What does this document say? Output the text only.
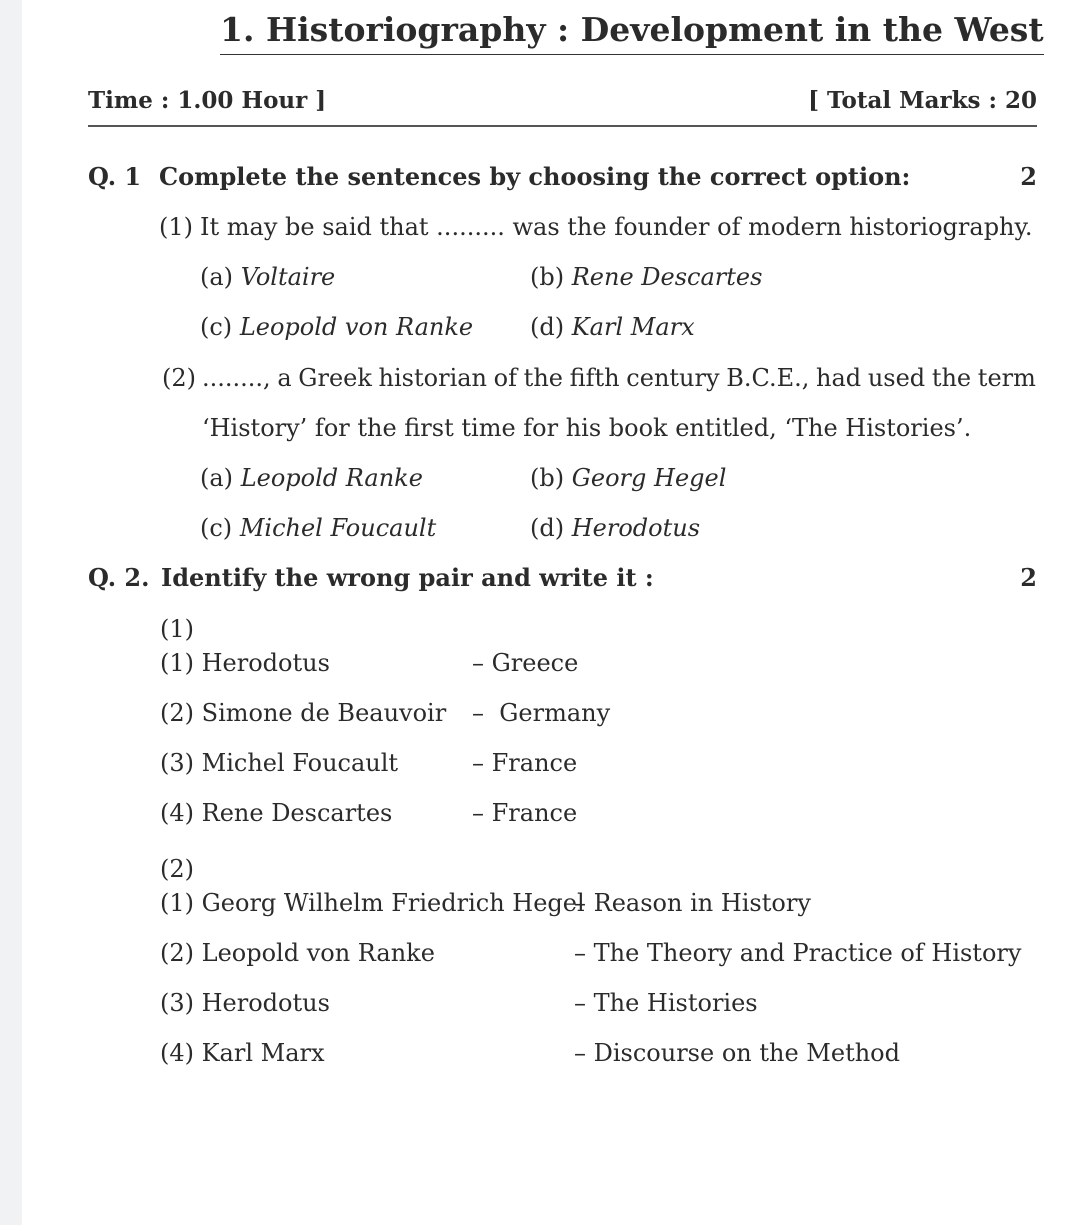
1. Historiography : Development in the West
Time : 1.00 Hour ]	[ Total Marks : 20
Q. 1 Complete the sentences by choosing the correct option:	2
(1) It may be said that ......... was the founder of modern historiography.
(a) Voltaire	(b) Rene Descartes
(c) Leopold von Ranke (d) Karl Marx
(2) ........, a Greek historian of the fifth century B.C.E., had used the term
‘History’ for the first time for his book entitled, ‘The Histories’.
(a) Leopold Ranke	(b) Georg Hegel
(c) Michel Foucault	(d) Herodotus
Q. 2. Identify the wrong pair and write it :	2
(1)
(1) Herodotus	– Greece
(2) Simone de Beauvoir –  Germany
(3) Michel Foucault	– France
(4) Rene Descartes	– France
(2)
(1) Georg Wilhelm Friedrich Hegel
– Reason in History
(2) Leopold von Ranke	– The Theory and Practice of History
(3) Herodotus	– The Histories
(4) Karl Marx	– Discourse on the Method
